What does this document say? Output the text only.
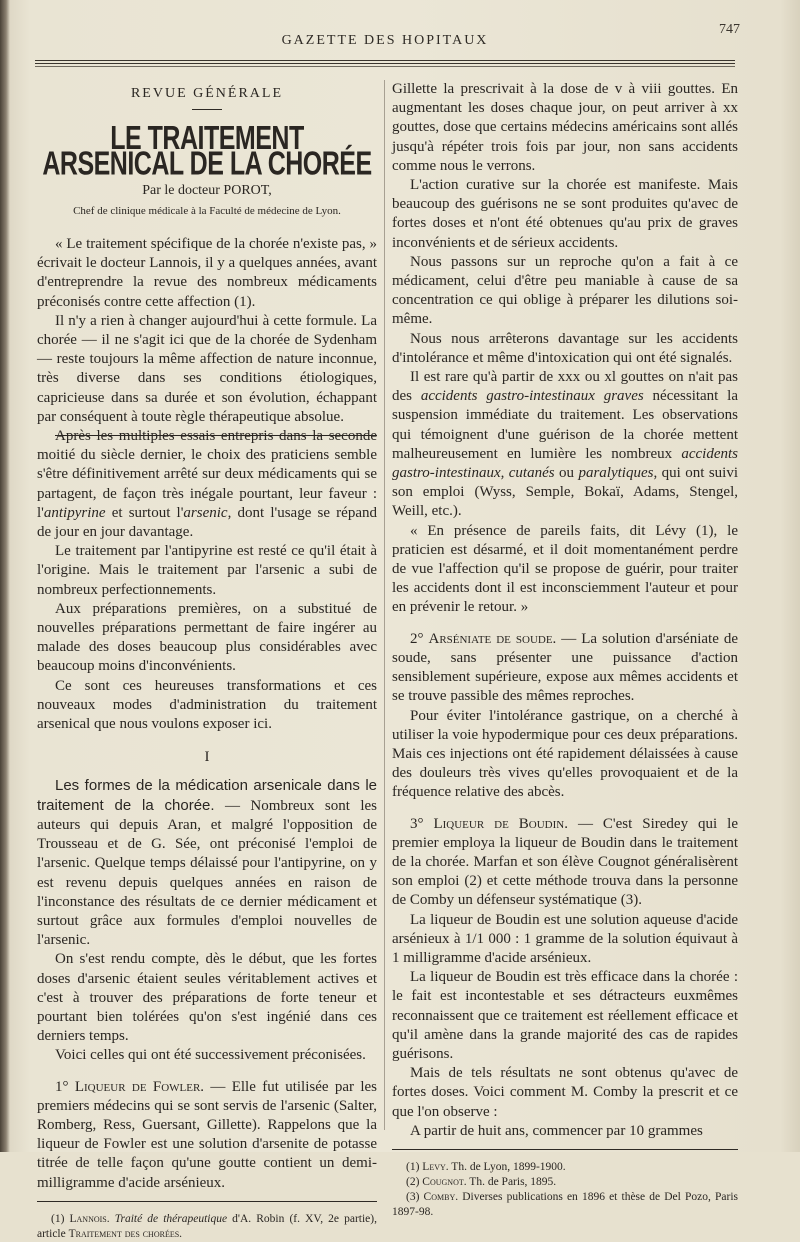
GAZETTE DES HOPITAUX
747
REVUE GÉNÉRALE
LE TRAITEMENT ARSENICAL DE LA CHORÉE
Par le docteur POROT,
Chef de clinique médicale à la Faculté de médecine de Lyon.

« Le traitement spécifique de la chorée n'existe pas, » écrivait le docteur Lannois, il y a quelques années, avant d'entreprendre la revue des nombreux médicaments préconisés contre cette affection (1).

Il n'y a rien à changer aujourd'hui à cette formule. La chorée — il ne s'agit ici que de la chorée de Sydenham — reste toujours la même affection de nature inconnue, très diverse dans ses conditions étiologiques, capricieuse dans sa durée et son évolution, échappant par conséquent à toute règle thérapeutique absolue.

Après les multiples essais entrepris dans la seconde moitié du siècle dernier, le choix des praticiens semble s'être définitivement arrêté sur deux médicaments qui se partagent, de façon très inégale pourtant, leur faveur : l'antipyrine et surtout l'arsenic, dont l'usage se répand de jour en jour davantage.

Le traitement par l'antipyrine est resté ce qu'il était à l'origine. Mais le traitement par l'arsenic a subi de nombreux perfectionnements.

Aux préparations premières, on a substitué de nouvelles préparations permettant de faire ingérer au malade des doses beaucoup plus considérables avec beaucoup moins d'inconvénients.

Ce sont ces heureuses transformations et ces nouveaux modes d'administration du traitement arsenical que nous voulons exposer ici.

I

Les formes de la médication arsenicale dans le traitement de la chorée. — Nombreux sont les auteurs qui depuis Aran, et malgré l'opposition de Trousseau et de G. Sée, ont préconisé l'emploi de l'arsenic. Quelque temps délaissé pour l'antipyrine, on y est revenu depuis quelques années en raison de l'inconstance des résultats de ce dernier médicament et surtout grâce aux formules d'emploi nouvelles de l'arsenic.

On s'est rendu compte, dès le début, que les fortes doses d'arsenic étaient seules véritablement actives et c'est à trouver des préparations de forte teneur et pourtant bien tolérées qu'on s'est ingénié dans ces derniers temps.

Voici celles qui ont été successivement préconisées.

1° Liqueur de Fowler. — Elle fut utilisée par les premiers médecins qui se sont servis de l'arsenic (Salter, Romberg, Ress, Guersant, Gillette). Rappelons que la liqueur de Fowler est une solution d'arsenite de potasse titrée de telle façon qu'une goutte contient un demi-milligramme d'acide arsénieux.

(1) Lannois. Traité de thérapeutique d'A. Robin (f. XV, 2e partie), article Traitement des chorées.

Gillette la prescrivait à la dose de v à viii gouttes. En augmentant les doses chaque jour, on peut arriver à xx gouttes, dose que certains médecins américains sont allés jusqu'à répéter trois fois par jour, non sans accidents comme nous le verrons.

L'action curative sur la chorée est manifeste. Mais beaucoup des guérisons ne se sont produites qu'avec de fortes doses et n'ont été obtenues qu'au prix de graves inconvénients et de sérieux accidents.

Nous passons sur un reproche qu'on a fait à ce médicament, celui d'être peu maniable à cause de sa concentration ce qui oblige à préparer les dilutions soi-même.

Nous nous arrêterons davantage sur les accidents d'intolérance et même d'intoxication qui ont été signalés.

Il est rare qu'à partir de xxx ou xl gouttes on n'ait pas des accidents gastro-intestinaux graves nécessitant la suspension immédiate du traitement. Les observations qui témoignent d'une guérison de la chorée mettent malheureusement en lumière les nombreux accidents gastro-intestinaux, cutanés ou paralytiques, qui ont suivi son emploi (Wyss, Semple, Bokaï, Adams, Stengel, Weill, etc.).

« En présence de pareils faits, dit Lévy (1), le praticien est désarmé, et il doit momentanément perdre de vue l'affection qu'il se propose de guérir, pour traiter les accidents dont il est inconsciemment l'auteur et pour en prévenir le retour. »

2° Arséniate de soude. — La solution d'arséniate de soude, sans présenter une puissance d'action sensiblement supérieure, expose aux mêmes accidents et se trouve passible des mêmes reproches.

Pour éviter l'intolérance gastrique, on a cherché à utiliser la voie hypodermique pour ces deux préparations. Mais ces injections ont été rapidement délaissées à cause des douleurs très vives qu'elles provoquaient et de la fréquence relative des abcès.

3° Liqueur de Boudin. — C'est Siredey qui le premier employa la liqueur de Boudin dans le traitement de la chorée. Marfan et son élève Cougnot généralisèrent son emploi (2) et cette méthode trouva dans la personne de Comby un défenseur systématique (3).

La liqueur de Boudin est une solution aqueuse d'acide arsénieux à 1/1 000 : 1 gramme de la solution équivaut à 1 milligramme d'acide arsénieux.

La liqueur de Boudin est très efficace dans la chorée : le fait est incontestable et ses détracteurs euxmêmes reconnaissent que ce traitement est réellement efficace et qu'il amène dans la grande majorité des cas de rapides guérisons.

Mais de tels résultats ne sont obtenus qu'avec de fortes doses. Voici comment M. Comby la prescrit et ce que l'on observe :

A partir de huit ans, commencer par 10 grammes

(1) Levy. Th. de Lyon, 1899-1900.

(2) Cougnot. Th. de Paris, 1895.

(3) Comby. Diverses publications en 1896 et thèse de Del Pozo, Paris 1897-98.
